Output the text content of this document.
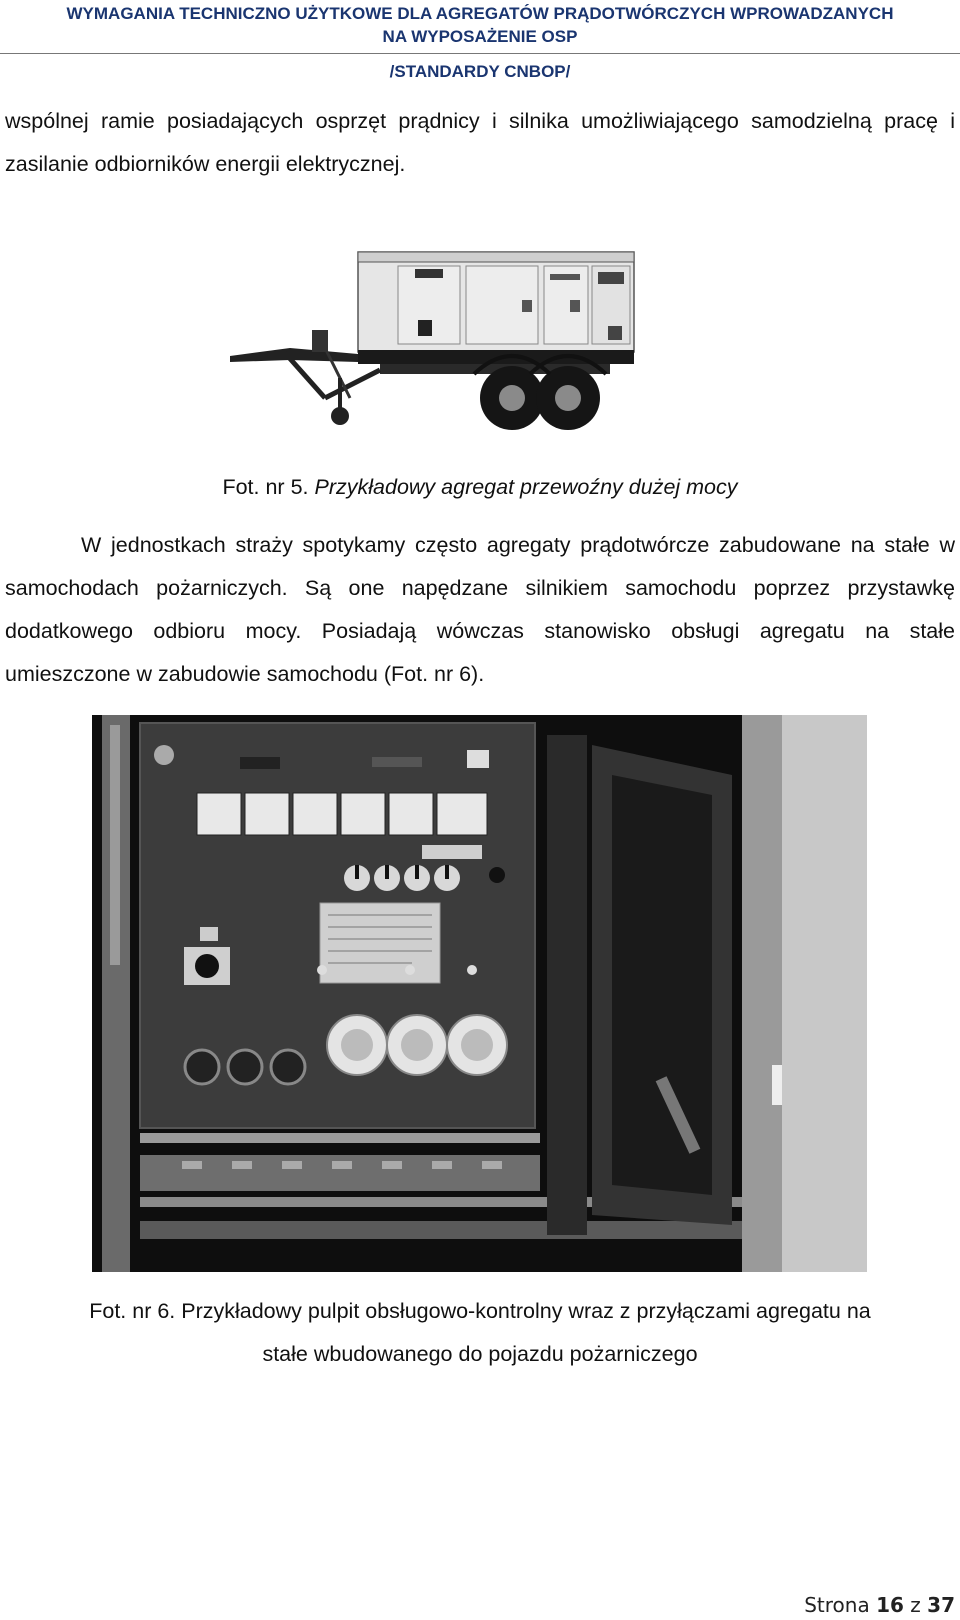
WYMAGANIA TECHNICZNO UŻYTKOWE DLA AGREGATÓW PRĄDOTWÓRCZYCH WPROWADZANYCH
NA WYPOSAŻENIE OSP
/STANDARDY CNBOP/
wspólnej ramie posiadających osprzęt prądnicy i silnika umożliwiającego samodzielną pracę i zasilanie odbiorników energii elektrycznej.
Fot. nr 5. Przykładowy agregat przewoźny dużej mocy
W jednostkach straży spotykamy często agregaty prądotwórcze zabudowane na stałe w samochodach pożarniczych. Są one napędzane silnikiem samochodu poprzez przystawkę dodatkowego odbioru mocy. Posiadają wówczas stanowisko obsługi agregatu na stałe umieszczone w zabudowie samochodu (Fot. nr 6).
Fot. nr 6. Przykładowy pulpit obsługowo-kontrolny wraz z przyłączami agregatu na
stałe wbudowanego do pojazdu pożarniczego
Strona 16 z 37
